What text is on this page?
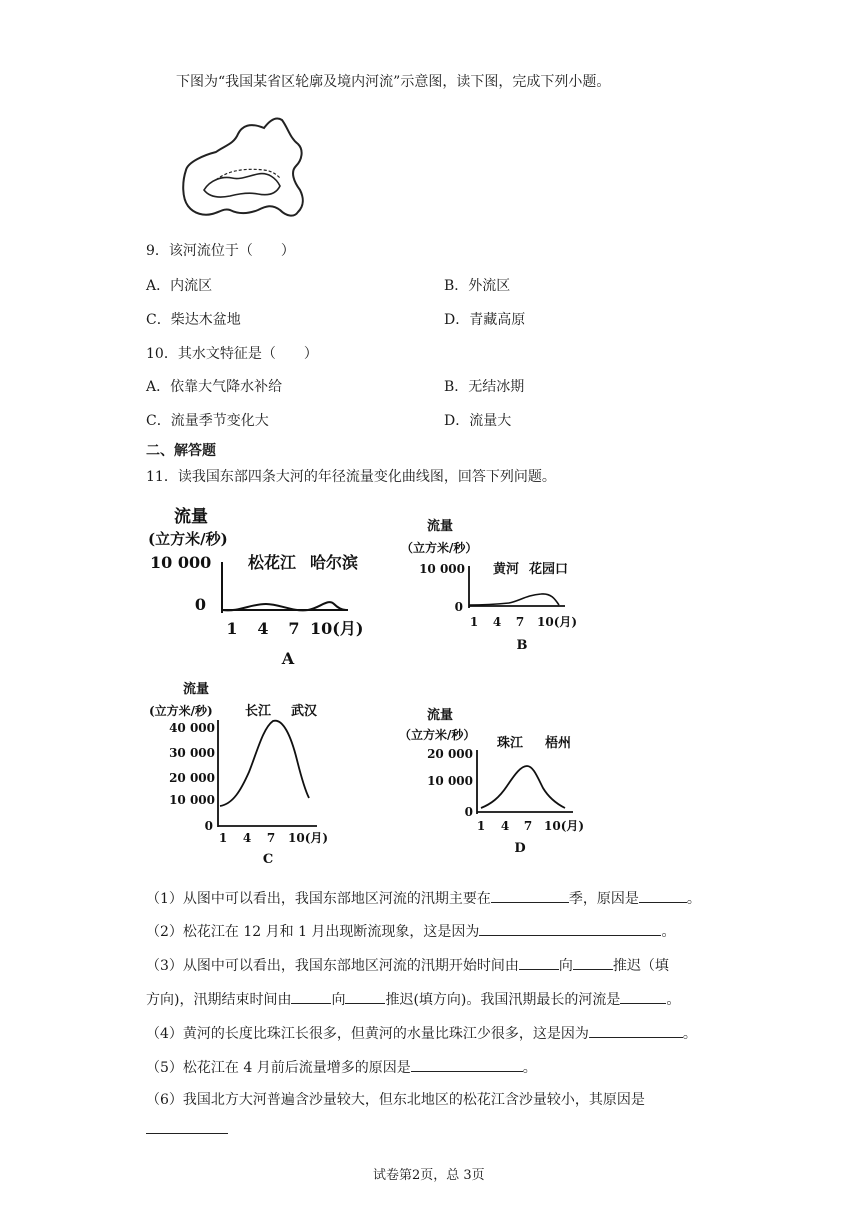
下图为“我国某省区轮廓及境内河流”示意图，读下图，完成下列小题。
9．该河流位于（　　）
A．内流区	B．外流区
C．柴达木盆地	D．青藏高原
10．其水文特征是（　　）
A．依靠大气降水补给	B．无结冰期
C．流量季节变化大	D．流量大
二、解答题
11．读我国东部四条大河的年径流量变化曲线图，回答下列问题。
流量
(立方米/秒)
10 000
0
松花江 哈尔滨
1 4 7 10(月)
A
流量
（立方米/秒）
10 000
0
黄河 花园口
1 4 7 10(月)
B
流量
(立方米/秒) 长江 武汉
40 000
30 000
20 000
10 000
0
1 4 7 10(月)
C
流量
（立方米/秒）
20 000
10 000
0
珠江 梧州
1 4 7 10(月)
D
（1）从图中可以看出，我国东部地区河流的汛期主要在	季，原因是	。
（2）松花江在 12 月和 1 月出现断流现象，这是因为	。
（3）从图中可以看出，我国东部地区河流的汛期开始时间由	向	推迟（填
方向)，汛期结束时间由	向	推迟(填方向)。我国汛期最长的河流是	。
（4）黄河的长度比珠江长很多，但黄河的水量比珠江少很多，这是因为	。
（5）松花江在 4 月前后流量增多的原因是	。
（6）我国北方大河普遍含沙量较大，但东北地区的松花江含沙量较小，其原因是
试卷第2页，总 3页
